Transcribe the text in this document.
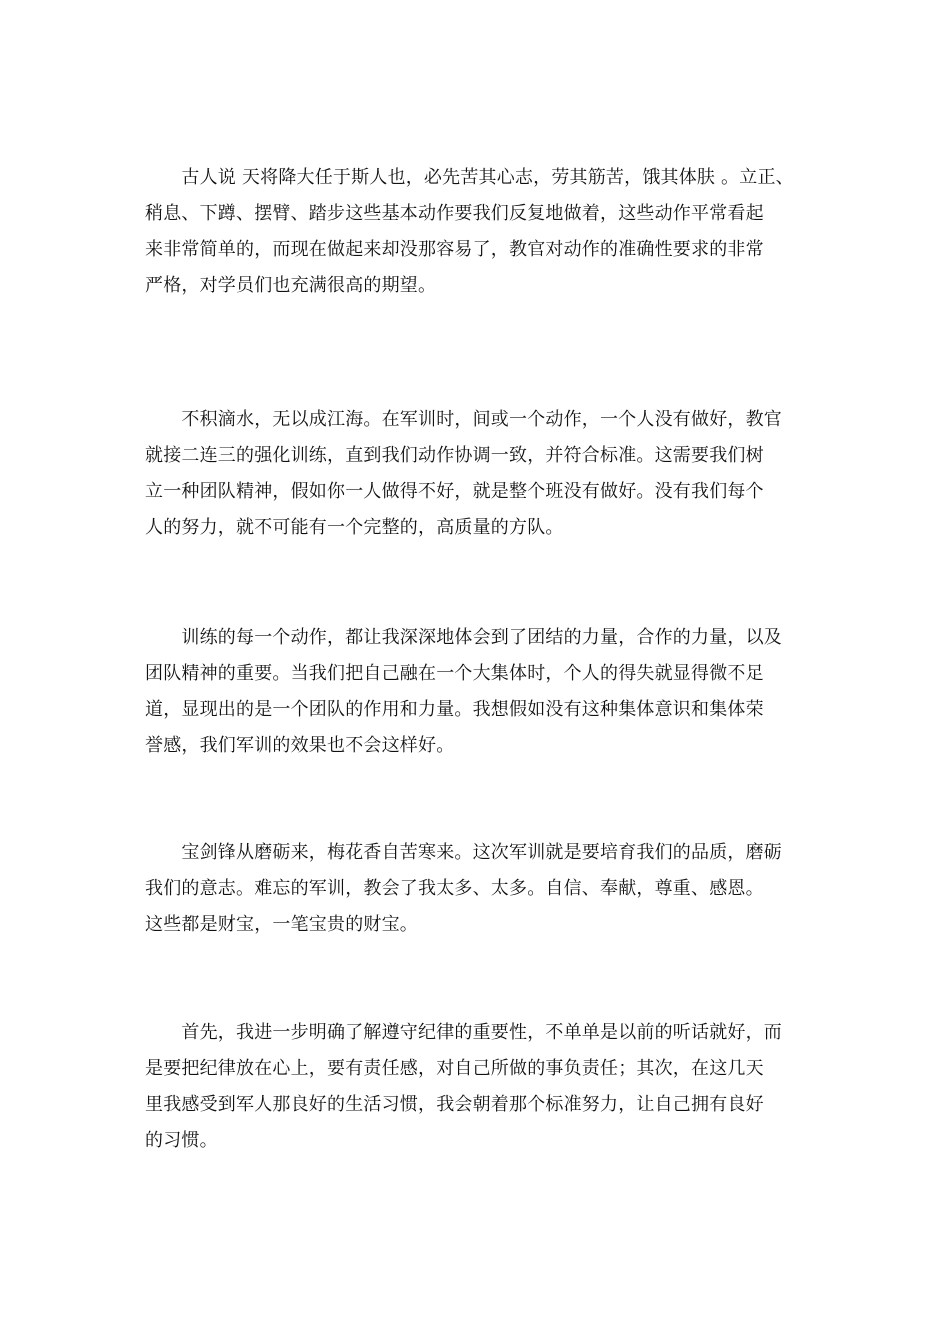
　　古人说 天将降大任于斯人也，必先苦其心志，劳其筋苦，饿其体肤 。立正、
稍息、下蹲、摆臂、踏步这些基本动作要我们反复地做着，这些动作平常看起
来非常简单的，而现在做起来却没那容易了，教官对动作的准确性要求的非常
严格，对学员们也充满很高的期望。
　　不积滴水，无以成江海。在军训时，间或一个动作，一个人没有做好，教官
就接二连三的强化训练，直到我们动作协调一致，并符合标准。这需要我们树
立一种团队精神，假如你一人做得不好，就是整个班没有做好。没有我们每个
人的努力，就不可能有一个完整的，高质量的方队。
　　训练的每一个动作，都让我深深地体会到了团结的力量，合作的力量，以及
团队精神的重要。当我们把自己融在一个大集体时，个人的得失就显得微不足
道，显现出的是一个团队的作用和力量。我想假如没有这种集体意识和集体荣
誉感，我们军训的效果也不会这样好。
　　宝剑锋从磨砺来，梅花香自苦寒来。这次军训就是要培育我们的品质，磨砺
我们的意志。难忘的军训，教会了我太多、太多。自信、奉献，尊重、感恩。
这些都是财宝，一笔宝贵的财宝。
　　首先，我进一步明确了解遵守纪律的重要性，不单单是以前的听话就好，而
是要把纪律放在心上，要有责任感，对自己所做的事负责任；其次，在这几天
里我感受到军人那良好的生活习惯，我会朝着那个标准努力，让自己拥有良好
的习惯。
